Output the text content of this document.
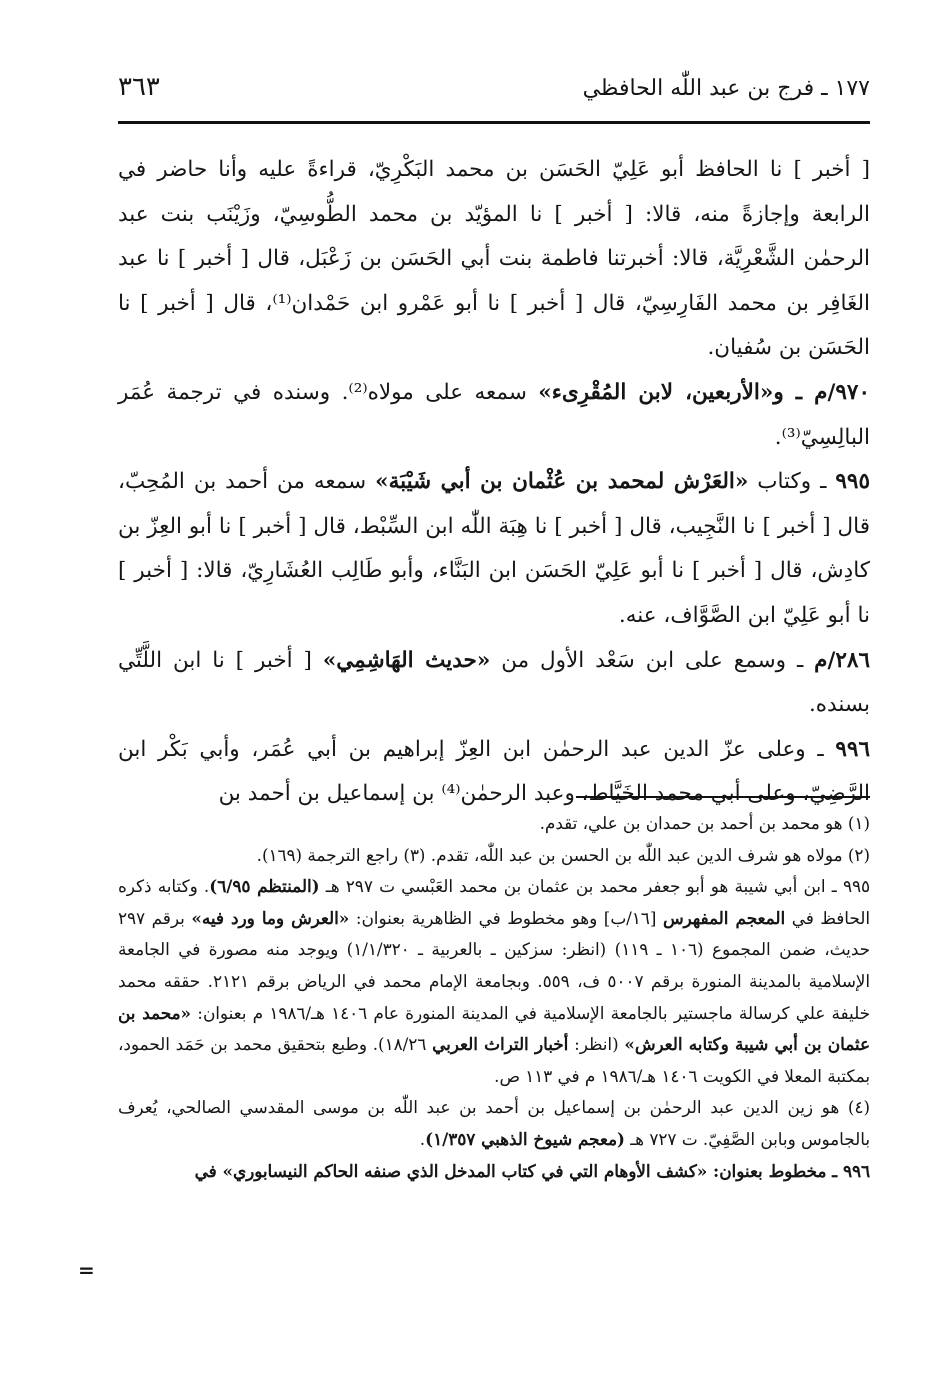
١٧٧ ـ فرج بن عبد اللّٰه الحافظي
٣٦٣

[ أخبر ] نا الحافظ أبو عَلِيّ الحَسَن بن محمد البَكْرِيّ، قراءةً عليه وأنا حاضر في الرابعة وإجازةً منه، قالا: [ أخبر ] نا المؤيّد بن محمد الطُّوسِيّ، وزَيْنَب بنت عبد الرحمٰن الشَّعْرِيَّة، قالا: أخبرتنا فاطمة بنت أبي الحَسَن بن زَعْبَل، قال [ أخبر ] نا عبد الغَافِر بن محمد الفَارِسِيّ، قال [ أخبر ] نا أبو عَمْرو ابن حَمْدان⁽¹⁾، قال [ أخبر ] نا الحَسَن بن سُفيان.

٩٧٠/م ـ و«الأربعين، لابن المُقْرِىء» سمعه على مولاه⁽²⁾. وسنده في ترجمة عُمَر البالِسِيّ⁽³⁾.

٩٩٥ ـ وكتاب «العَرْش لمحمد بن عُثْمان بن أبي شَيْبَة» سمعه من أحمد بن المُحِبّ، قال [ أخبر ] نا النَّجِيب، قال [ أخبر ] نا هِبَة اللّٰه ابن السِّبْط، قال [ أخبر ] نا أبو العِزّ بن كادِش، قال [ أخبر ] نا أبو عَلِيّ الحَسَن ابن البَنَّاء، وأبو طَالِب العُشَارِيّ، قالا: [ أخبر ] نا أبو عَلِيّ ابن الصَّوَّاف، عنه.

٢٨٦/م ـ وسمع على ابن سَعْد الأول من «حديث الهَاشِمِي» [ أخبر ] نا ابن اللَّتِّي بسنده.

٩٩٦ ـ وعلى عزّ الدين عبد الرحمٰن ابن العِزّ إبراهيم بن أبي عُمَر، وأبي بَكْر ابن الرَّضِيّ، وعلى أبي محمد الخَيَّاط، وعبد الرحمٰن⁽⁴⁾ بن إسماعيل بن أحمد بن

(١) هو محمد بن أحمد بن حمدان بن علي، تقدم.

(٢) مولاه هو شرف الدين عبد اللّٰه بن الحسن بن عبد اللّٰه، تقدم. (٣) راجع الترجمة (١٦٩).

٩٩٥ ـ ابن أبي شيبة هو أبو جعفر محمد بن عثمان بن محمد العَبْسي ت ٢٩٧ هـ (المنتظم ٦/٩٥). وكتابه ذكره الحافظ في المعجم المفهرس [١٦/ب] وهو مخطوط في الظاهرية بعنوان: «العرش وما ورد فيه» برقم ٢٩٧ حديث، ضمن المجموع (١٠٦ ـ ١١٩) (انظر: سزكين ـ بالعربية ـ ١/١/٣٢٠) ويوجد منه مصورة في الجامعة الإسلامية بالمدينة المنورة برقم ٥٠٠٧ ف، ٥٥٩. وبجامعة الإمام محمد في الرياض برقم ٢١٢١. حققه محمد خليفة علي كرسالة ماجستير بالجامعة الإسلامية في المدينة المنورة عام ١٤٠٦ هـ/١٩٨٦ م بعنوان: «محمد بن عثمان بن أبي شيبة وكتابه العرش» (انظر: أخبار التراث العربي ١٨/٢٦). وطبع بتحقيق محمد بن حَمَد الحمود، بمكتبة المعلا في الكويت ١٤٠٦ هـ/١٩٨٦ م في ١١٣ ص.

(٤) هو زين الدين عبد الرحمٰن بن إسماعيل بن أحمد بن عبد اللّٰه بن موسى المقدسي الصالحي، يُعرف بالجاموس وبابن الصَّفِيّ. ت ٧٢٧ هـ (معجم شيوخ الذهبي ١/٣٥٧).

٩٩٦ ـ مخطوط بعنوان: «كشف الأوهام التي في كتاب المدخل الذي صنفه الحاكم النيسابوري» في

=
